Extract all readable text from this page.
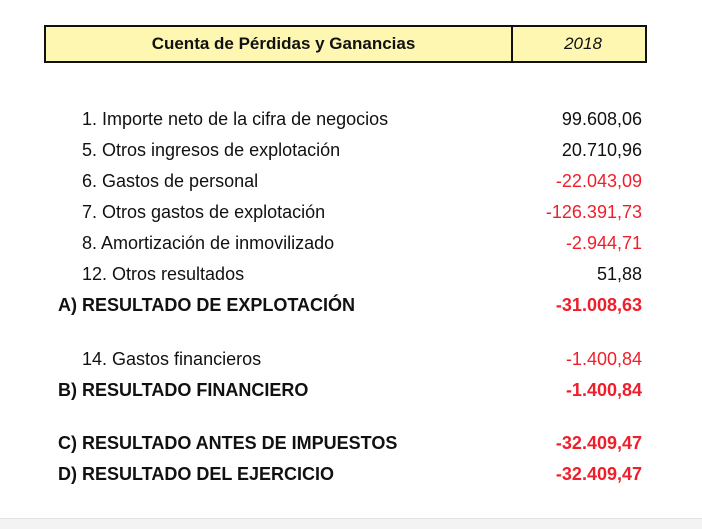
Cuenta de Pérdidas y Ganancias	2018
1. Importe neto de la cifra de negocios	99.608,06
5. Otros ingresos de explotación	20.710,96
6. Gastos de personal	-22.043,09
7. Otros gastos de explotación	-126.391,73
8. Amortización de inmovilizado	-2.944,71
12. Otros resultados	51,88
A) RESULTADO DE EXPLOTACIÓN	-31.008,63
14. Gastos financieros	-1.400,84
B) RESULTADO FINANCIERO	-1.400,84
C) RESULTADO ANTES DE IMPUESTOS	-32.409,47
D) RESULTADO DEL EJERCICIO	-32.409,47
